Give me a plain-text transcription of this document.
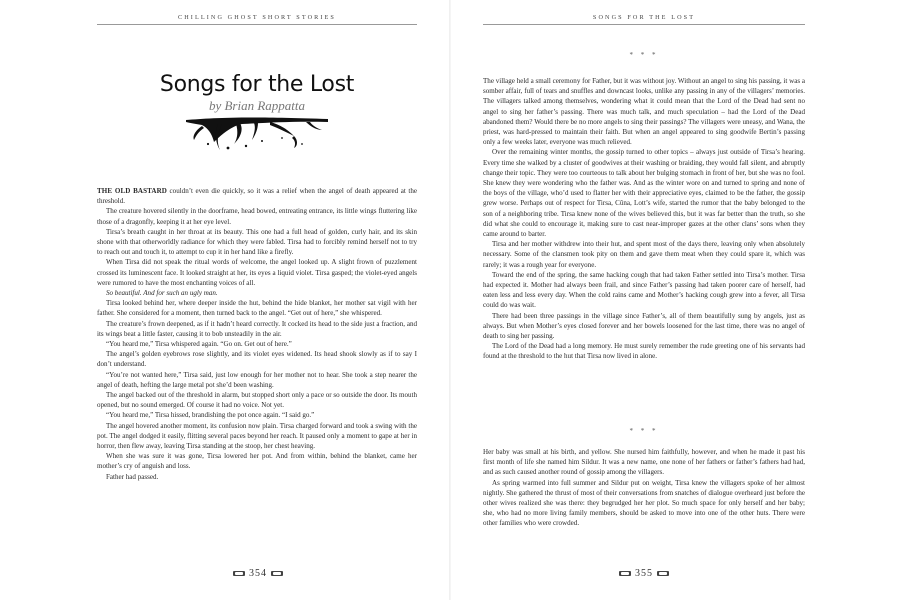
CHILLING GHOST SHORT STORIES
Songs for the Lost
by Brian Rappatta

THE OLD BASTARD couldn’t even die quickly, so it was a relief when the angel of death appeared at the threshold.

The creature hovered silently in the doorframe, head bowed, entreating entrance, its little wings fluttering like those of a dragonfly, keeping it at her eye level.

Tirsa’s breath caught in her throat at its beauty. This one had a full head of golden, curly hair, and its skin shone with that otherworldly radiance for which they were fabled. Tirsa had to forcibly remind herself not to try to reach out and touch it, to attempt to cup it in her hand like a firefly.

When Tirsa did not speak the ritual words of welcome, the angel looked up. A slight frown of puzzlement crossed its luminescent face. It looked straight at her, its eyes a liquid violet. Tirsa gasped; the violet-eyed angels were rumored to have the most enchanting voices of all.

So beautiful. And for such an ugly man.

Tirsa looked behind her, where deeper inside the hut, behind the hide blanket, her mother sat vigil with her father. She considered for a moment, then turned back to the angel. “Get out of here,” she whispered.

The creature’s frown deepened, as if it hadn’t heard correctly. It cocked its head to the side just a fraction, and its wings beat a little faster, causing it to bob unsteadily in the air.

“You heard me,” Tirsa whispered again. “Go on. Get out of here.”

The angel’s golden eyebrows rose slightly, and its violet eyes widened. Its head shook slowly as if to say I don’t understand.

“You’re not wanted here,” Tirsa said, just low enough for her mother not to hear. She took a step nearer the angel of death, hefting the large metal pot she’d been washing.

The angel backed out of the threshold in alarm, but stopped short only a pace or so outside the door. Its mouth opened, but no sound emerged. Of course it had no voice. Not yet.

“You heard me,” Tirsa hissed, brandishing the pot once again. “I said go.”

The angel hovered another moment, its confusion now plain. Tirsa charged forward and took a swing with the pot. The angel dodged it easily, flitting several paces beyond her reach. It paused only a moment to gape at her in horror, then flew away, leaving Tirsa standing at the stoop, her chest heaving.

When she was sure it was gone, Tirsa lowered her pot. And from within, behind the blanket, came her mother’s cry of anguish and loss.

Father had passed.

354
SONGS FOR THE LOST
* * *

The village held a small ceremony for Father, but it was without joy. Without an angel to sing his passing, it was a somber affair, full of tears and snuffles and downcast looks, unlike any passing in any of the villagers’ memories. The villagers talked among themselves, wondering what it could mean that the Lord of the Dead had sent no angel to sing her father’s passing. There was much talk, and much speculation – had the Lord of the Dead abandoned them? Would there be no more angels to sing their passings? The villagers were uneasy, and Wana, the priest, was hard-pressed to maintain their faith. But when an angel appeared to sing goodwife Bertin’s passing only a few weeks later, everyone was much relieved.

Over the remaining winter months, the gossip turned to other topics – always just outside of Tirsa’s hearing. Every time she walked by a cluster of goodwives at their washing or braiding, they would fall silent, and abruptly change their topic. They were too courteous to talk about her bulging stomach in front of her, but she was no fool. She knew they were wondering who the father was. And as the winter wore on and turned to spring and none of the boys of the village, who’d used to flatter her with their appreciative eyes, claimed to be the father, the gossip grew worse. Perhaps out of respect for Tirsa, Cûna, Lott’s wife, started the rumor that the baby belonged to the son of a neighboring tribe. Tirsa knew none of the wives believed this, but it was far better than the truth, so she did what she could to encourage it, making sure to cast near-improper gazes at the other clans’ sons when they came around to barter.

Tirsa and her mother withdrew into their hut, and spent most of the days there, leaving only when absolutely necessary. Some of the clansmen took pity on them and gave them meat when they could spare it, which was rarely; it was a rough year for everyone.

Toward the end of the spring, the same hacking cough that had taken Father settled into Tirsa’s mother. Tirsa had expected it. Mother had always been frail, and since Father’s passing had taken poorer care of herself, had eaten less and less every day. When the cold rains came and Mother’s hacking cough grew into a fever, all Tirsa could do was wait.

There had been three passings in the village since Father’s, all of them beautifully sung by angels, just as always. But when Mother’s eyes closed forever and her bowels loosened for the last time, there was no angel of death to sing her passing.

The Lord of the Dead had a long memory. He must surely remember the rude greeting one of his servants had found at the threshold to the hut that Tirsa now lived in alone.

* * *

Her baby was small at his birth, and yellow. She nursed him faithfully, however, and when he made it past his first month of life she named him Sildur. It was a new name, one none of her fathers or father’s fathers had had, and as such caused another round of gossip among the villagers.

As spring warmed into full summer and Sildur put on weight, Tirsa knew the villagers spoke of her almost nightly. She gathered the thrust of most of their conversations from snatches of dialogue overheard just before the other wives realized she was there: they begrudged her her plot. So much space for only herself and her baby; she, who had no more living family members, should be asked to move into one of the other huts. There were other families who were crowded.

355
